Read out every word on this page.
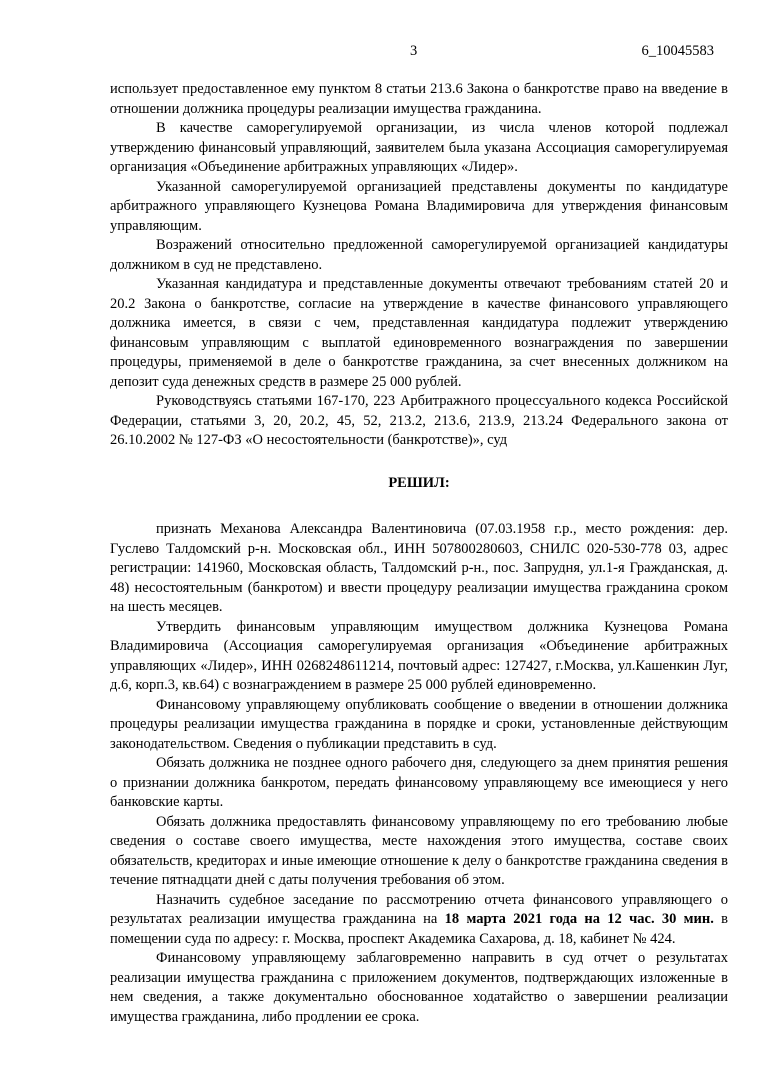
3	6_10045583

использует предоставленное ему пунктом 8 статьи 213.6 Закона о банкротстве право на введение в отношении должника процедуры реализации имущества гражданина.

В качестве саморегулируемой организации, из числа членов которой подлежал утверждению финансовый управляющий, заявителем была указана Ассоциация саморегулируемая организация «Объединение арбитражных управляющих «Лидер».

Указанной саморегулируемой организацией представлены документы по кандидатуре арбитражного управляющего Кузнецова Романа Владимировича для утверждения финансовым управляющим.

Возражений относительно предложенной саморегулируемой организацией кандидатуры должником в суд не представлено.

Указанная кандидатура и представленные документы отвечают требованиям статей 20 и 20.2 Закона о банкротстве, согласие на утверждение в качестве финансового управляющего должника имеется, в связи с чем, представленная кандидатура подлежит утверждению финансовым управляющим с выплатой единовременного вознаграждения по завершении процедуры, применяемой в деле о банкротстве гражданина, за счет внесенных должником на депозит суда денежных средств в размере 25 000 рублей.

Руководствуясь статьями 167-170, 223 Арбитражного процессуального кодекса Российской Федерации, статьями 3, 20, 20.2, 45, 52, 213.2, 213.6, 213.9, 213.24 Федерального закона от 26.10.2002 № 127-ФЗ «О несостоятельности (банкротстве)», суд

РЕШИЛ:

признать Механова Александра Валентиновича (07.03.1958 г.р., место рождения: дер. Гуслево Талдомский р-н. Московская обл., ИНН 507800280603, СНИЛС 020-530-778 03, адрес регистрации: 141960, Московская область, Талдомский р-н., пос. Запрудня, ул.1-я Гражданская, д. 48) несостоятельным (банкротом) и ввести процедуру реализации имущества гражданина сроком на шесть месяцев.

Утвердить финансовым управляющим имуществом должника Кузнецова Романа Владимировича (Ассоциация саморегулируемая организация «Объединение арбитражных управляющих «Лидер», ИНН 0268248611214, почтовый адрес: 127427, г.Москва, ул.Кашенкин Луг, д.6, корп.3, кв.64) с вознаграждением в размере 25 000 рублей единовременно.

Финансовому управляющему опубликовать сообщение о введении в отношении должника процедуры реализации имущества гражданина в порядке и сроки, установленные действующим законодательством. Сведения о публикации представить в суд.

Обязать должника не позднее одного рабочего дня, следующего за днем принятия решения о признании должника банкротом, передать финансовому управляющему все имеющиеся у него банковские карты.

Обязать должника предоставлять финансовому управляющему по его требованию любые сведения о составе своего имущества, месте нахождения этого имущества, составе своих обязательств, кредиторах и иные имеющие отношение к делу о банкротстве гражданина сведения в течение пятнадцати дней с даты получения требования об этом.

Назначить судебное заседание по рассмотрению отчета финансового управляющего о результатах реализации имущества гражданина на 18 марта 2021 года на 12 час. 30 мин. в помещении суда по адресу: г. Москва, проспект Академика Сахарова, д. 18, кабинет № 424.

Финансовому управляющему заблаговременно направить в суд отчет о результатах реализации имущества гражданина с приложением документов, подтверждающих изложенные в нем сведения, а также документально обоснованное ходатайство о завершении реализации имущества гражданина, либо продлении ее срока.
